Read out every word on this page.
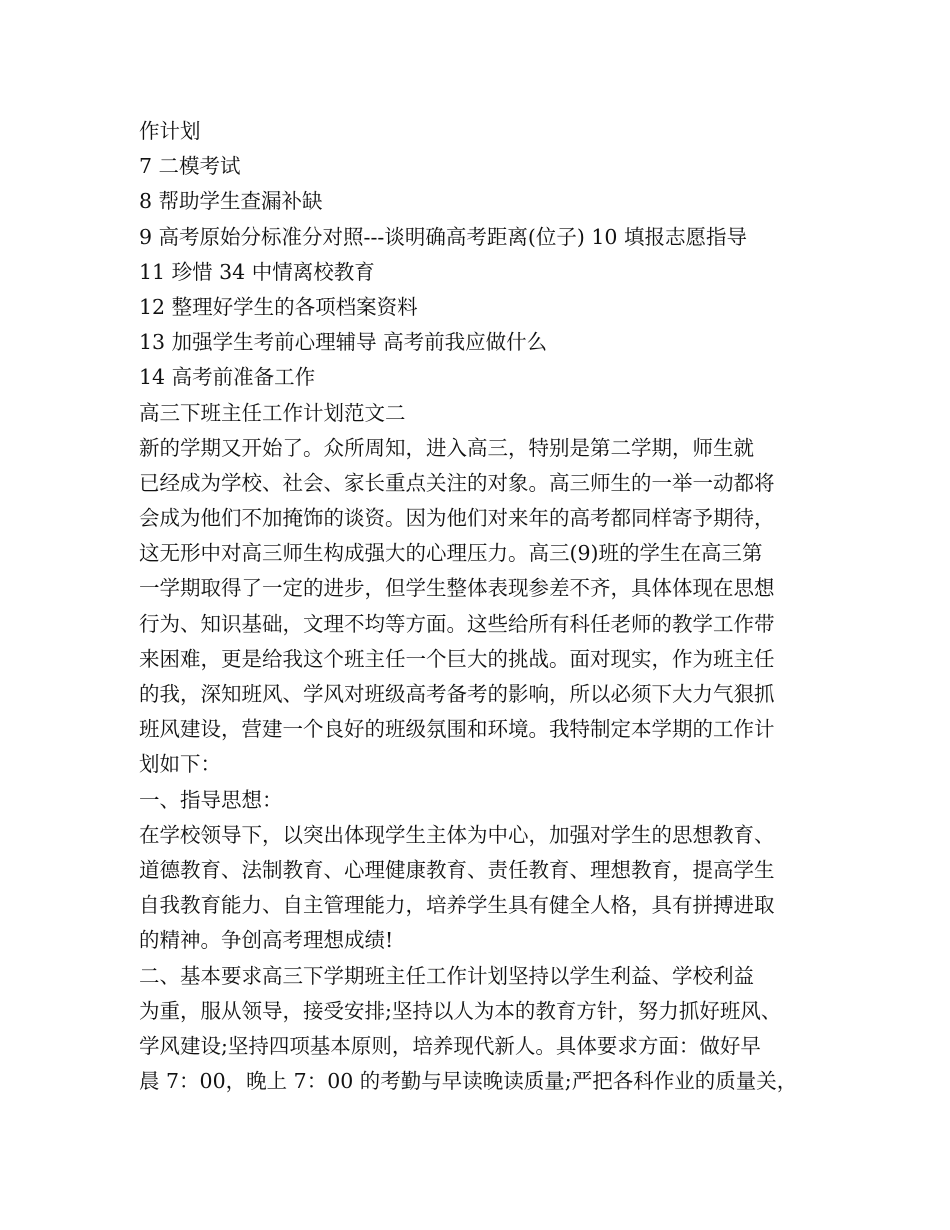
作计划
7 二模考试
8 帮助学生查漏补缺
9 高考原始分标准分对照---谈明确高考距离(位子) 10 填报志愿指导
11 珍惜 34 中情离校教育
12 整理好学生的各项档案资料
13 加强学生考前心理辅导 高考前我应做什么
14 高考前准备工作
高三下班主任工作计划范文二
新的学期又开始了。众所周知，进入高三，特别是第二学期，师生就
已经成为学校、社会、家长重点关注的对象。高三师生的一举一动都将
会成为他们不加掩饰的谈资。因为他们对来年的高考都同样寄予期待，
这无形中对高三师生构成强大的心理压力。高三(9)班的学生在高三第
一学期取得了一定的进步，但学生整体表现参差不齐，具体体现在思想
行为、知识基础，文理不均等方面。这些给所有科任老师的教学工作带
来困难，更是给我这个班主任一个巨大的挑战。面对现实，作为班主任
的我，深知班风、学风对班级高考备考的影响，所以必须下大力气狠抓
班风建设，营建一个良好的班级氛围和环境。我特制定本学期的工作计
划如下：
一、指导思想：
在学校领导下，以突出体现学生主体为中心，加强对学生的思想教育、
道德教育、法制教育、心理健康教育、责任教育、理想教育，提高学生
自我教育能力、自主管理能力，培养学生具有健全人格，具有拼搏进取
的精神。争创高考理想成绩!
二、基本要求高三下学期班主任工作计划坚持以学生利益、学校利益
为重，服从领导，接受安排;坚持以人为本的教育方针，努力抓好班风、
学风建设;坚持四项基本原则，培养现代新人。具体要求方面：做好早
晨 7：00，晚上 7：00 的考勤与早读晚读质量;严把各科作业的质量关，
